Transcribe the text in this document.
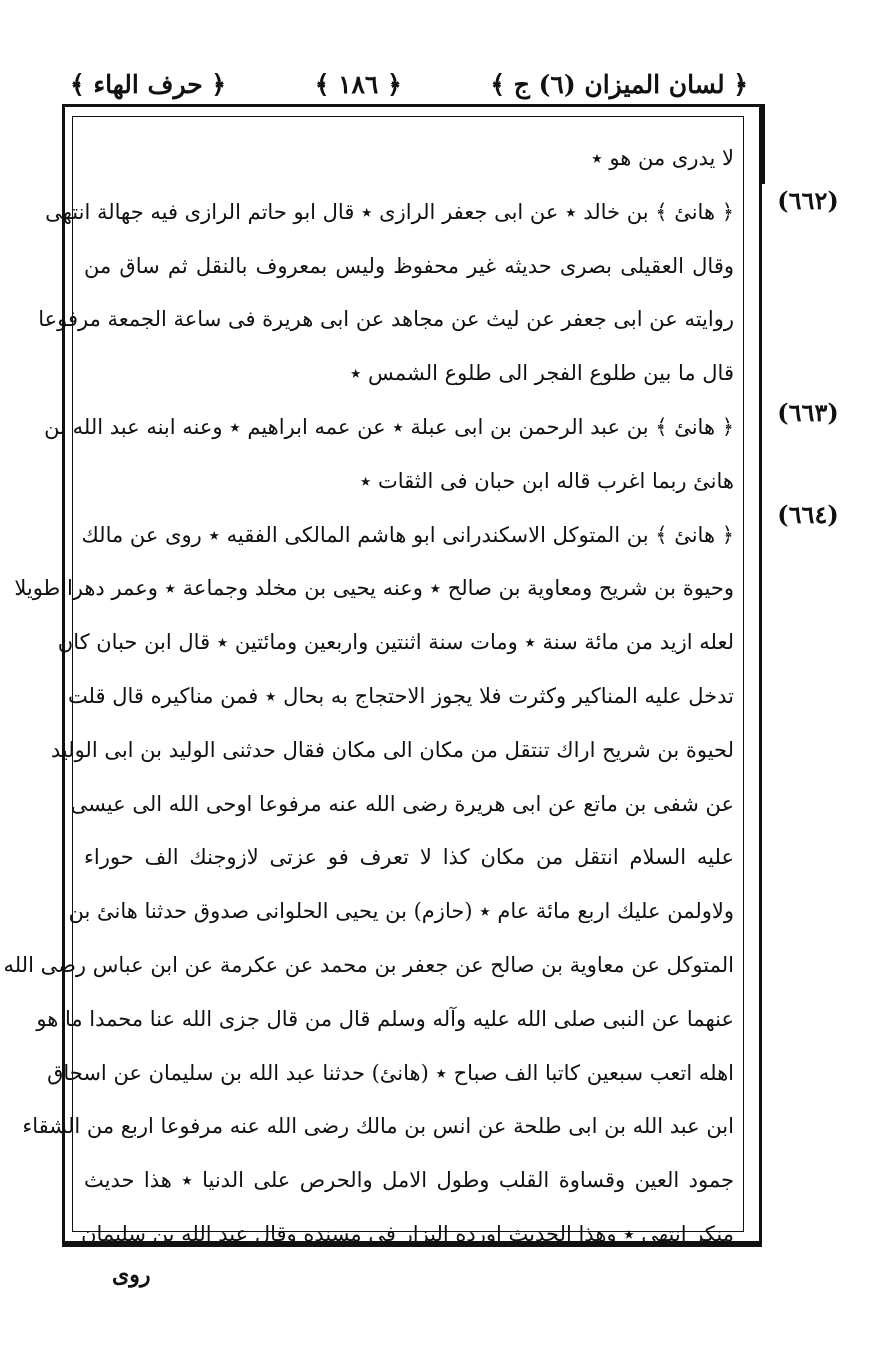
﴿ لسان الميزان (٦) ج ﴾
﴿ ١٨٦ ﴾
﴿ حرف الهاء ﴾
(٦٦٢)
(٦٦٣)
(٦٦٤)
لا يدرى من هو ٭
﴿ هانئ ﴾ بن خالد ٭ عن ابى جعفر الرازى ٭ قال ابو حاتم الرازى فيه جهالة انتهى
وقال العقيلى بصرى حديثه غير محفوظ وليس بمعروف بالنقل ثم ساق من
روايته عن ابى جعفر عن ليث عن مجاهد عن ابى هريرة فى ساعة الجمعة مرفوعا
قال ما بين طلوع الفجر الى طلوع الشمس ٭
﴿ هانئ ﴾ بن عبد الرحمن بن ابى عبلة ٭ عن عمه ابراهيم ٭ وعنه ابنه عبد الله بن
هانئ ربما اغرب قاله ابن حبان فى الثقات ٭
﴿ هانئ ﴾ بن المتوكل الاسكندرانى ابو هاشم المالكى الفقيه ٭ روى عن مالك
وحيوة بن شريح ومعاوية بن صالح ٭ وعنه يحيى بن مخلد وجماعة ٭ وعمر دهرا طويلا
لعله ازيد من مائة سنة ٭ ومات سنة اثنتين واربعين ومائتين ٭ قال ابن حبان كان
تدخل عليه المناكير وكثرت فلا يجوز الاحتجاج به بحال ٭ فمن مناكيره قال قلت
لحيوة بن شريح اراك تنتقل من مكان الى مكان فقال حدثنى الوليد بن ابى الوليد
عن شفى بن ماتع عن ابى هريرة رضى الله عنه مرفوعا اوحى الله الى عيسى
عليه السلام انتقل من مكان كذا لا تعرف فو عزتى لازوجنك الف حوراء
ولاولمن عليك اربع مائة عام ٭ (حازم) بن يحيى الحلوانى صدوق حدثنا هانئ بن
المتوكل عن معاوية بن صالح عن جعفر بن محمد عن عكرمة عن ابن عباس رضى الله
عنهما عن النبى صلى الله عليه وآله وسلم قال من قال جزى الله عنا محمدا ما هو
اهله اتعب سبعين كاتبا الف صباح ٭ (هانئ) حدثنا عبد الله بن سليمان عن اسحاق
ابن عبد الله بن ابى طلحة عن انس بن مالك رضى الله عنه مرفوعا اربع من الشقاء
جمود العين وقساوة القلب وطول الامل والحرص على الدنيا ٭ هذا حديث
منكر انتهى ٭ وهذا الحديث اورده البزار فى مسنده وقال عبد الله بن سليمان
روى
